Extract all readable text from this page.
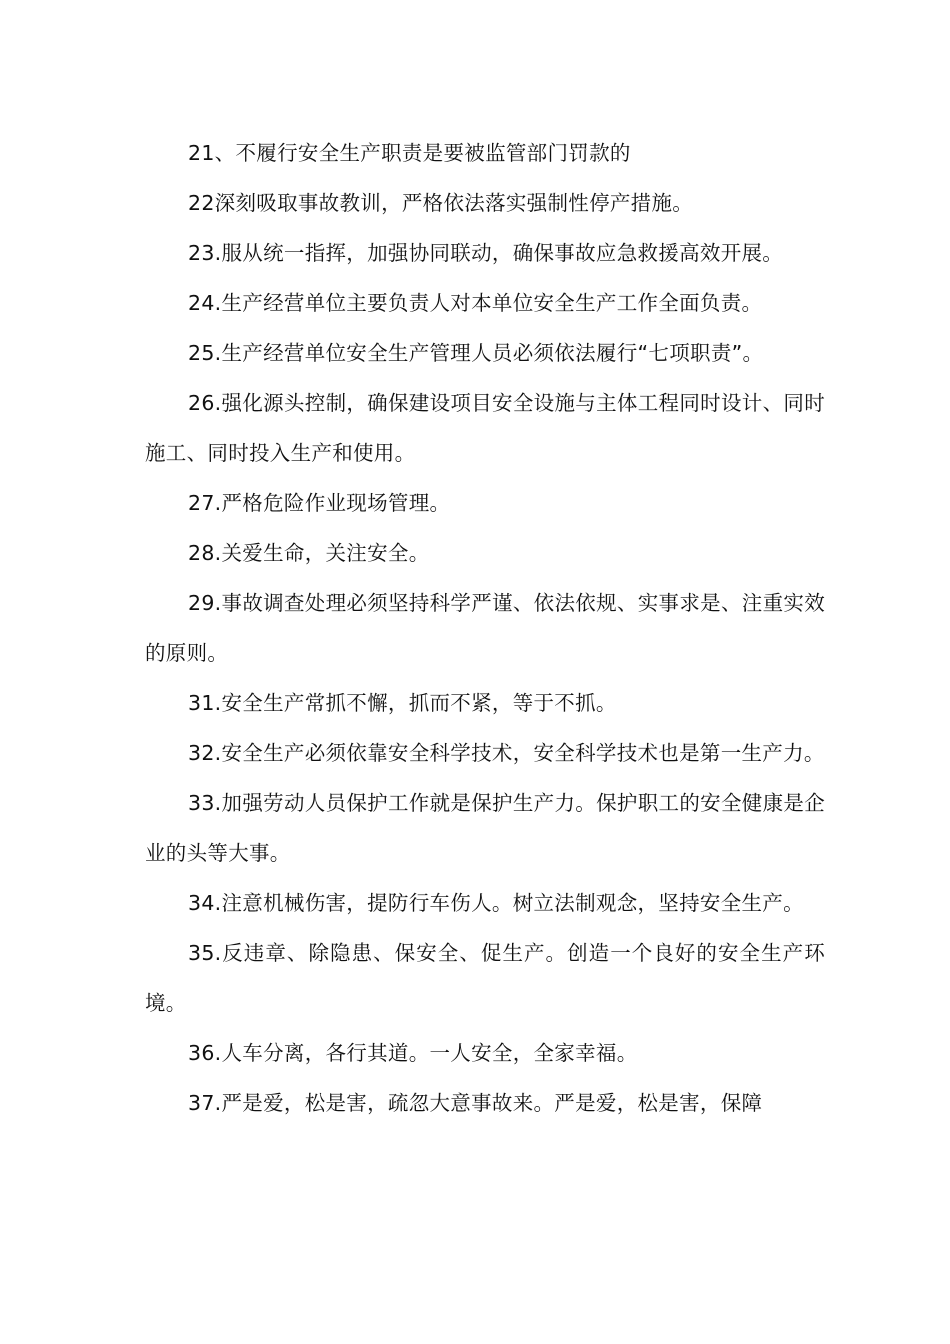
21、不履行安全生产职责是要被监管部门罚款的

22深刻吸取事故教训，严格依法落实强制性停产措施。

23.服从统一指挥，加强协同联动，确保事故应急救援高效开展。

24.生产经营单位主要负责人对本单位安全生产工作全面负责。

25.生产经营单位安全生产管理人员必须依法履行“七项职责”。

26.强化源头控制，确保建设项目安全设施与主体工程同时设计、同时施工、同时投入生产和使用。

27.严格危险作业现场管理。

28.关爱生命，关注安全。

29.事故调查处理必须坚持科学严谨、依法依规、实事求是、注重实效的原则。

31.安全生产常抓不懈，抓而不紧，等于不抓。

32.安全生产必须依靠安全科学技术，安全科学技术也是第一生产力。

33.加强劳动人员保护工作就是保护生产力。保护职工的安全健康是企业的头等大事。

34.注意机械伤害，提防行车伤人。树立法制观念，坚持安全生产。

35.反违章、除隐患、保安全、促生产。创造一个良好的安全生产环境。

36.人车分离，各行其道。一人安全，全家幸福。

37.严是爱，松是害，疏忽大意事故来。严是爱，松是害，保障
